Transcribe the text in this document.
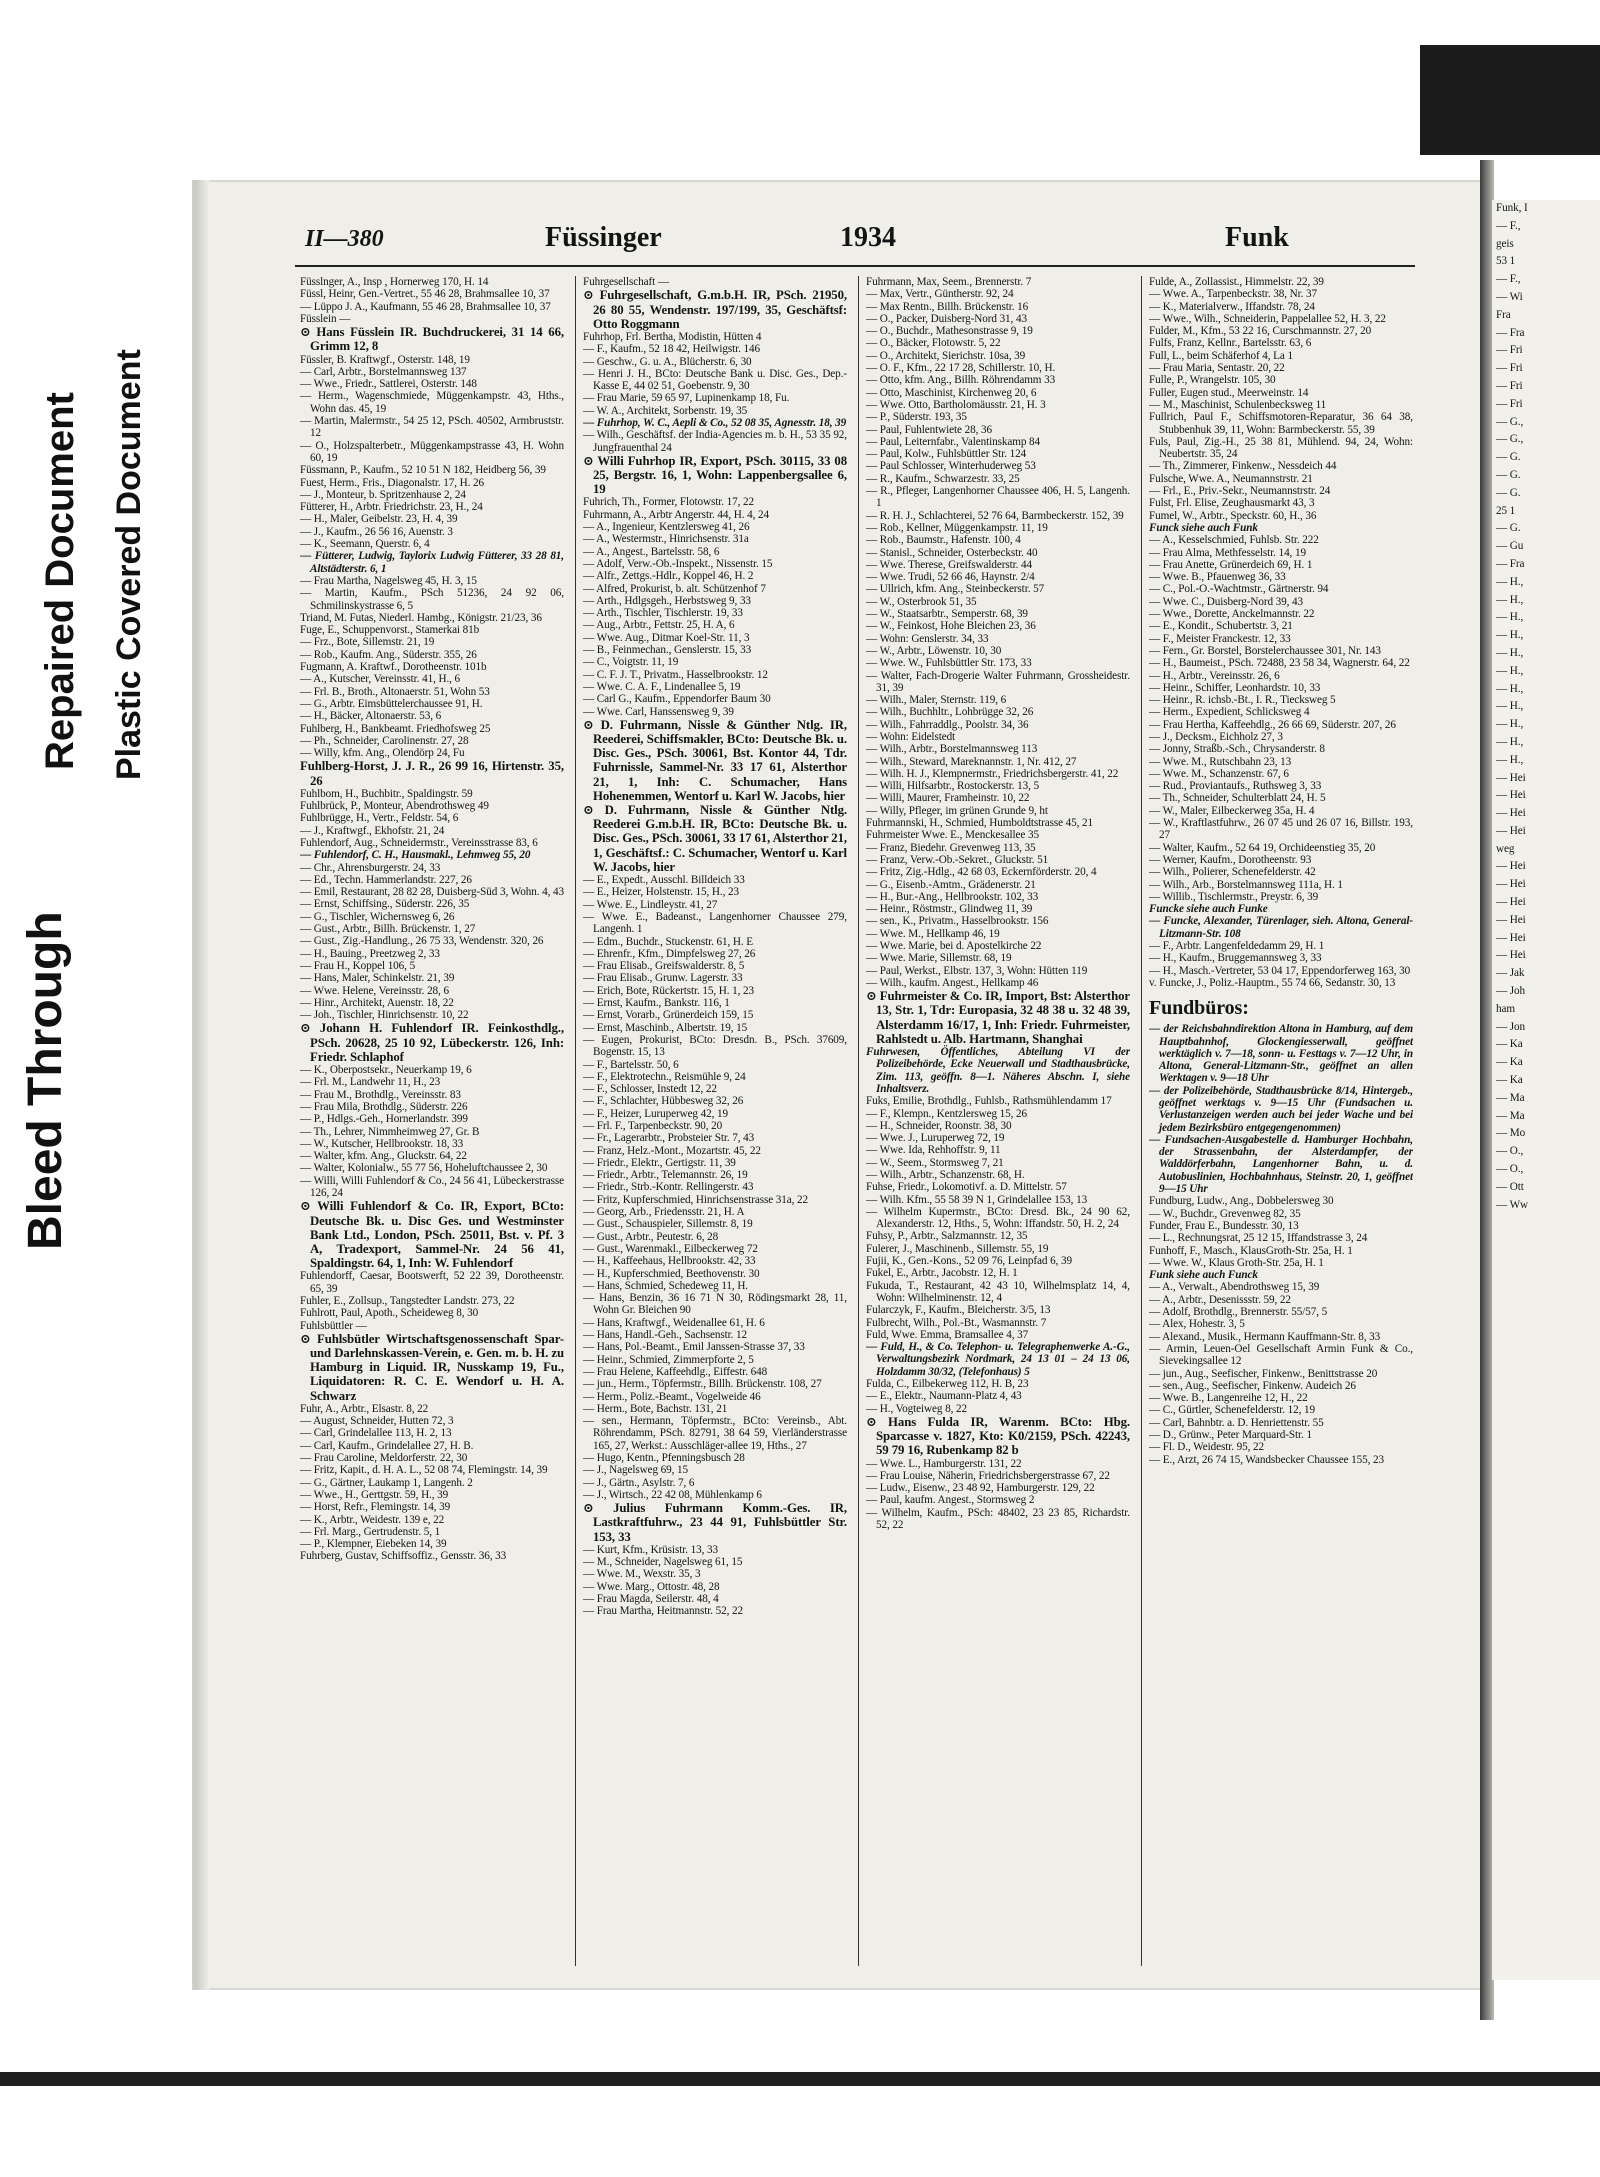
Bleed Through
Repaired Document Plastic Covered Document
II—380	Füssinger	1934	Funk

Füsslnger, A., Insp , Hornerweg 170, H. 14

Füssl, Heinr, Gen.-Vertret., 55 46 28, Brahmsallee 10, 37

— Lüppo J. A., Kaufmann, 55 46 28, Brahmsallee 10, 37

Füsslein —

⊙ Hans Füsslein IR. Buchdruckerei, 31 14 66, Grimm 12, 8

Füssler, B. Kraftwgf., Osterstr. 148, 19

— Carl, Arbtr., Borstelmannsweg 137

— Wwe., Friedr., Sattlerei, Osterstr. 148

— Herm., Wagenschmiede, Müggenkampstr. 43, Hths., Wohn das. 45, 19

— Martin, Malermstr., 54 25 12, PSch. 40502, Armbruststr. 12

— O., Holzspalterbetr., Müggenkampstrasse 43, H. Wohn 60, 19

Füssmann, P., Kaufm., 52 10 51 N 182, Heidberg 56, 39

Fuest, Herm., Fris., Diagonalstr. 17, H. 26

— J., Monteur, b. Spritzenhause 2, 24

Fütterer, H., Arbtr. Friedrichstr. 23, H., 24

— H., Maler, Geibelstr. 23, H. 4, 39

— J., Kaufm., 26 56 16, Auenstr. 3

— K., Seemann, Querstr. 6, 4

— Fütterer, Ludwig, Taylorix Ludwig Fütterer, 33 28 81, Altstädterstr. 6, 1

— Frau Martha, Nagelsweg 45, H. 3, 15

— Martin, Kaufm., PSch 51236, 24 92 06, Schmilinskystrasse 6, 5

Triand, M. Futas, Niederl. Hambg., Königstr. 21/23, 36

Fuge, E., Schuppenvorst., Stamerkai 81b

— Frz., Bote, Sillemstr. 21, 19

— Rob., Kaufm. Ang., Süderstr. 355, 26

Fugmann, A. Kraftwf., Dorotheenstr. 101b

— A., Kutscher, Vereinsstr. 41, H., 6

— Frl. B., Broth., Altonaerstr. 51, Wohn 53

— G., Arbtr. Eimsbüttelerchaussee 91, H.

— H., Bäcker, Altonaerstr. 53, 6

Fuhlberg, H., Bankbeamt. Friedhofsweg 25

— Ph., Schneider, Carolinenstr. 27, 28

— Willy, kfm. Ang., Olendörp 24, Fu

Fuhlberg-Horst, J. J. R., 26 99 16, Hirtenstr. 35, 26

Fuhlbom, H., Buchbitr., Spaldingstr. 59

Fuhlbrück, P., Monteur, Abendrothsweg 49

Fuhlbrügge, H., Vertr., Feldstr. 54, 6

— J., Kraftwgf., Ekhofstr. 21, 24

Fuhlendorf, Aug., Schneidermstr., Vereinsstrasse 83, 6

— Fuhlendorf, C. H., Hausmakl., Lehmweg 55, 20

— Chr., Ahrensburgerstr. 24, 33

— Ed., Techn. Hammerlandstr. 227, 26

— Emil, Restaurant, 28 82 28, Duisberg-Süd 3, Wohn. 4, 43

— Ernst, Schiffsing., Süderstr. 226, 35

— G., Tischler, Wichernsweg 6, 26

— Gust., Arbtr., Billh. Brückenstr. 1, 27

— Gust., Zig.-Handlung., 26 75 33, Wendenstr. 320, 26

— H., Bauing., Preetzweg 2, 33

— Frau H., Koppel 106, 5

— Hans, Maler, Schinkelstr. 21, 39

— Wwe. Helene, Vereinsstr. 28, 6

— Hinr., Architekt, Auenstr. 18, 22

— Joh., Tischler, Hinrichsenstr. 10, 22

⊙ Johann H. Fuhlendorf IR. Feinkosthdlg., PSch. 20628, 25 10 92, Lübeckerstr. 126, Inh: Friedr. Schlaphof

— K., Oberpostsekr., Neuerkamp 19, 6

— Frl. M., Landwehr 11, H., 23

— Frau M., Brothdlg., Vereinsstr. 83

— Frau Mila, Brothdlg., Süderstr. 226

— P., Hdlgs.-Geh., Hornerlandstr. 399

— Th., Lehrer, Nimmheimweg 27, Gr. B

— W., Kutscher, Hellbrookstr. 18, 33

— Walter, kfm. Ang., Gluckstr. 64, 22

— Walter, Kolonialw., 55 77 56, Hoheluftchaussee 2, 30

— Willi, Willi Fuhlendorf & Co., 24 56 41, Lübeckerstrasse 126, 24

⊙ Willi Fuhlendorf & Co. IR, Export, BCto: Deutsche Bk. u. Disc Ges. und Westminster Bank Ltd., London, PSch. 25011, Bst. v. Pf. 3 A, Tradexport, Sammel-Nr. 24 56 41, Spaldingstr. 64, 1, Inh: W. Fuhlendorf

Fuhlendorff, Caesar, Bootswerft, 52 22 39, Dorotheenstr. 65, 39

Fuhler, E., Zollsup., Tangstedter Landstr. 273, 22

Fuhlrott, Paul, Apoth., Scheideweg 8, 30

Fuhlsbüttler —

⊙ Fuhlsbütler Wirtschaftsgenossenschaft Spar- und Darlehnskassen-Verein, e. Gen. m. b. H. zu Hamburg in Liquid. IR, Nusskamp 19, Fu., Liquidatoren: R. C. E. Wendorf u. H. A. Schwarz

Fuhr, A., Arbtr., Elsastr. 8, 22

— August, Schneider, Hutten 72, 3

— Carl, Grindelallee 113, H. 2, 13

— Carl, Kaufm., Grindelallee 27, H. B.

— Frau Caroline, Meldorferstr. 22, 30

— Fritz, Kapit., d. H. A. L., 52 08 74, Flemingstr. 14, 39

— G., Gärtner, Laukamp 1, Langenh. 2

— Wwe., H., Gerttgstr. 59, H., 39

— Horst, Refr., Flemingstr. 14, 39

— K., Arbtr., Weidestr. 139 e, 22

— Frl. Marg., Gertrudenstr. 5, 1

— P., Klempner, Eiebeken 14, 39

Fuhrberg, Gustav, Schiffsoffiz., Gensstr. 36, 33

Fuhrgesellschaft —

⊙ Fuhrgesellschaft, G.m.b.H. IR, PSch. 21950, 26 80 55, Wendenstr. 197/199, 35, Geschäftsf: Otto Roggmann

Fuhrhop, Frl. Bertha, Modistin, Hütten 4

— F., Kaufm., 52 18 42, Heilwigstr. 146

— Geschw., G. u. A., Blücherstr. 6, 30

— Henri J. H., BCto: Deutsche Bank u. Disc. Ges., Dep.-Kasse E, 44 02 51, Goebenstr. 9, 30

— Frau Marie, 59 65 97, Lupinenkamp 18, Fu.

— W. A., Architekt, Sorbenstr. 19, 35

— Fuhrhop, W. C., Aepli & Co., 52 08 35, Agnesstr. 18, 39

— Wilh., Geschäftsf. der India-Agencies m. b. H., 53 35 92, Jungfrauenthal 24

⊙ Willi Fuhrhop IR, Export, PSch. 30115, 33 08 25, Bergstr. 16, 1, Wohn: Lappenbergsallee 6, 19

Fuhrich, Th., Former, Flotowstr. 17, 22

Fuhrmann, A., Arbtr Angerstr. 44, H. 4, 24

— A., Ingenieur, Kentzlersweg 41, 26

— A., Westermstr., Hinrichsenstr. 31a

— A., Angest., Bartelsstr. 58, 6

— Adolf, Verw.-Ob.-Inspekt., Nissenstr. 15

— Alfr., Zettgs.-Hdlr., Koppel 46, H. 2

— Alfred, Prokurist, b. alt. Schützenhof 7

— Arth., Hdlgsgeh., Herbstsweg 9, 33

— Arth., Tischler, Tischlerstr. 19, 33

— Aug., Arbtr., Fettstr. 25, H. A, 6

— Wwe. Aug., Ditmar Koel-Str. 11, 3

— B., Feinmechan., Genslerstr. 15, 33

— C., Voigtstr. 11, 19

— C. F. J. T., Privatm., Hasselbrookstr. 12

— Wwe. C. A. F., Lindenallee 5, 19

— Carl G., Kaufm., Eppendorfer Baum 30

— Wwe. Carl, Hanssensweg 9, 39

⊙ D. Fuhrmann, Nissle & Günther Ntlg. IR, Reederei, Schiffsmakler, BCto: Deutsche Bk. u. Disc. Ges., PSch. 30061, Bst. Kontor 44, Tdr. Fuhrnissle, Sammel-Nr. 33 17 61, Alsterthor 21, 1, Inh: C. Schumacher, Hans Hohenemmen, Wentorf u. Karl W. Jacobs, hier

⊙ D. Fuhrmann, Nissle & Günther Ntlg. Reederei G.m.b.H. IR, BCto: Deutsche Bk. u. Disc. Ges., PSch. 30061, 33 17 61, Alsterthor 21, 1, Geschäftsf.: C. Schumacher, Wentorf u. Karl W. Jacobs, hier

— E., Expedt., Ausschl. Billdeich 33

— E., Heizer, Holstenstr. 15, H., 23

— Wwe. E., Lindleystr. 41, 27

— Wwe. E., Badeanst., Langenhorner Chaussee 279, Langenh. 1

— Edm., Buchdr., Stuckenstr. 61, H. E

— Ehrenfr., Kfm., Dimpfelsweg 27, 26

— Frau Elisab., Greifswalderstr. 8, 5

— Frau Elisab., Grunw. Lagerstr. 33

— Erich, Bote, Rückertstr. 15, H. 1, 23

— Ernst, Kaufm., Bankstr. 116, 1

— Ernst, Vorarb., Grünerdeich 159, 15

— Ernst, Maschinb., Albertstr. 19, 15

— Eugen, Prokurist, BCto: Dresdn. B., PSch. 37609, Bogenstr. 15, 13

— F., Bartelsstr. 50, 6

— F., Elektrotechn., Reismühle 9, 24

— F., Schlosser, Instedt 12, 22

— F., Schlachter, Hübbesweg 32, 26

— F., Heizer, Luruperweg 42, 19

— Frl. F., Tarpenbeckstr. 90, 20

— Fr., Lagerarbtr., Probsteier Str. 7, 43

— Franz, Helz.-Mont., Mozartstr. 45, 22

— Friedr., Elektr., Gertigstr. 11, 39

— Friedr., Arbtr., Telemannstr. 26, 19

— Friedr., Strb.-Kontr. Rellingerstr. 43

— Fritz, Kupferschmied, Hinrichsenstrasse 31a, 22

— Georg, Arb., Friedensstr. 21, H. A

— Gust., Schauspieler, Sillemstr. 8, 19

— Gust., Arbtr., Peutestr. 6, 28

— Gust., Warenmakl., Eilbeckerweg 72

— H., Kaffeehaus, Hellbrookstr. 42, 33

— H., Kupferschmied, Beethovenstr. 30

— Hans, Schmied, Schedeweg 11, H.

— Hans, Benzin, 36 16 71 N 30, Rödingsmarkt 28, 11, Wohn Gr. Bleichen 90

— Hans, Kraftwgf., Weidenallee 61, H. 6

— Hans, Handl.-Geh., Sachsenstr. 12

— Hans, Pol.-Beamt., Emil Janssen-Strasse 37, 33

— Heinr., Schmied, Zimmerpforte 2, 5

— Frau Helene, Kaffeehdlg., Eiffestr. 648

— jun., Herm., Töpfermstr., Billh. Brückenstr. 108, 27

— Herm., Poliz.-Beamt., Vogelweide 46

— Herm., Bote, Bachstr. 131, 21

— sen., Hermann, Töpfermstr., BCto: Vereinsb., Abt. Röhrendamm, PSch. 82791, 38 64 59, Vierländerstrasse 165, 27, Werkst.: Ausschläger-allee 19, Hths., 27

— Hugo, Kentn., Pfenningsbusch 28

— J., Nagelsweg 69, 15

— J., Gärtn., Asylstr. 7, 6

— J., Wirtsch., 22 42 08, Mühlenkamp 6

⊙ Julius Fuhrmann Komm.-Ges. IR, Lastkraftfuhrw., 23 44 91, Fuhlsbüttler Str. 153, 33

— Kurt, Kfm., Krüsistr. 13, 33

— M., Schneider, Nagelsweg 61, 15

— Wwe. M., Wexstr. 35, 3

— Wwe. Marg., Ottostr. 48, 28

— Frau Magda, Seilerstr. 48, 4

— Frau Martha, Heitmannstr. 52, 22

Fuhrmann, Max, Seem., Brennerstr. 7

— Max, Vertr., Güntherstr. 92, 24

— Max Rentn., Billh. Brückenstr. 16

— O., Packer, Duisberg-Nord 31, 43

— O., Buchdr., Mathesonstrasse 9, 19

— O., Bäcker, Flotowstr. 5, 22

— O., Architekt, Sierichstr. 10sa, 39

— O. F., Kfm., 22 17 28, Schillerstr. 10, H.

— Otto, kfm. Ang., Billh. Röhrendamm 33

— Otto, Maschinist, Kirchenweg 20, 6

— Wwe. Otto, Bartholomäusstr. 21, H. 3

— P., Süderstr. 193, 35

— Paul, Fuhlentwiete 28, 36

— Paul, Leiternfabr., Valentinskamp 84

— Paul, Kolw., Fuhlsbüttler Str. 124

— Paul Schlosser, Winterhuderweg 53

— R., Kaufm., Schwarzestr. 33, 25

— R., Pfleger, Langenhorner Chaussee 406, H. 5, Langenh. 1

— R. H. J., Schlachterei, 52 76 64, Barmbeckerstr. 152, 39

— Rob., Kellner, Müggenkampstr. 11, 19

— Rob., Baumstr., Hafenstr. 100, 4

— Stanisl., Schneider, Osterbeckstr. 40

— Wwe. Therese, Greifswalderstr. 44

— Wwe. Trudi, 52 66 46, Haynstr. 2/4

— Ullrich, kfm. Ang., Steinbeckerstr. 57

— W., Osterbrook 51, 35

— W., Staatsarbtr., Semperstr. 68, 39

— W., Feinkost, Hohe Bleichen 23, 36

— Wohn: Genslerstr. 34, 33

— W., Arbtr., Löwenstr. 10, 30

— Wwe. W., Fuhlsbüttler Str. 173, 33

— Walter, Fach-Drogerie Walter Fuhrmann, Grossheidestr. 31, 39

— Wilh., Maler, Sternstr. 119, 6

— Wilh., Buchhltr., Lohbrügge 32, 26

— Wilh., Fahrraddlg., Poolstr. 34, 36

— Wohn: Eidelstedt

— Wilh., Arbtr., Borstelmannsweg 113

— Wilh., Steward, Mareknannstr. 1, Nr. 412, 27

— Wilh. H. J., Klempnermstr., Friedrichsbergerstr. 41, 22

— Willi, Hilfsarbtr., Rostockerstr. 13, 5

— Willi, Maurer, Framheinstr. 10, 22

— Willy, Pfleger, im grünen Grunde 9, ht

Fuhrmannski, H., Schmied, Humboldtstrasse 45, 21

Fuhrmeister Wwe. E., Menckesallee 35

— Franz, Biedehr. Grevenweg 113, 35

— Franz, Verw.-Ob.-Sekret., Gluckstr. 51

— Fritz, Zig.-Hdlg., 42 68 03, Eckernförderstr. 20, 4

— G., Eisenb.-Amtm., Grädenerstr. 21

— H., Bur.-Ang., Hellbrookstr. 102, 33

— Heinr., Röstmstr., Glindweg 11, 39

— sen., K., Privatm., Hasselbrookstr. 156

— Wwe. M., Hellkamp 46, 19

— Wwe. Marie, bei d. Apostelkirche 22

— Wwe. Marie, Sillemstr. 68, 19

— Paul, Werkst., Elbstr. 137, 3, Wohn: Hütten 119

— Wilh., kaufm. Angest., Hellkamp 46

⊙ Fuhrmeister & Co. IR, Import, Bst: Alsterthor 13, Str. 1, Tdr: Europasia, 32 48 38 u. 32 48 39, Alsterdamm 16/17, 1, Inh: Friedr. Fuhrmeister, Rahlstedt u. Alb. Hartmann, Shanghai

Fuhrwesen, Öffentliches, Abteilung VI der Polizeibehörde, Ecke Neuerwall und Stadthausbrücke, Zim. 113, geöffn. 8—1. Näheres Abschn. I, siehe Inhaltsverz.

Fuks, Emilie, Brothdlg., Fuhlsb., Rathsmühlendamm 17

— F., Klempn., Kentzlersweg 15, 26

— H., Schneider, Roonstr. 38, 30

— Wwe. J., Luruperweg 72, 19

— Wwe. Ida, Rehhoffstr. 9, 11

— W., Seem., Stormsweg 7, 21

— Wilh., Arbtr., Schanzenstr. 68, H.

Fuhse, Friedr., Lokomotivf. a. D. Mittelstr. 57

— Wilh. Kfm., 55 58 39 N 1, Grindelallee 153, 13

— Wilhelm Kupermstr., BCto: Dresd. Bk., 24 90 62, Alexanderstr. 12, Hths., 5, Wohn: Iffandstr. 50, H. 2, 24

Fuhsy, P., Arbtr., Salzmannstr. 12, 35

Fulerer, J., Maschinenb., Sillemstr. 55, 19

Fujii, K., Gen.-Kons., 52 09 76, Leinpfad 6, 39

Fukel, E., Arbtr., Jacobstr. 12, H. 1

Fukuda, T., Restaurant, 42 43 10, Wilhelmsplatz 14, 4, Wohn: Wilhelminenstr. 12, 4

Fularczyk, F., Kaufm., Bleicherstr. 3/5, 13

Fulbrecht, Wilh., Pol.-Bt., Wasmannstr. 7

Fuld, Wwe. Emma, Bramsallee 4, 37

— Fuld, H., & Co. Telephon- u. Telegraphenwerke A.-G., Verwaltungsbezirk Nordmark, 24 13 01 – 24 13 06, Holzdamm 30/32, (Telefonhaus) 5

Fulda, C., Eilbekerweg 112, H. B, 23

— E., Elektr., Naumann-Platz 4, 43

— H., Vogteiweg 8, 22

⊙ Hans Fulda IR, Warenm. BCto: Hbg. Sparcasse v. 1827, Kto: K0/2159, PSch. 42243, 59 79 16, Rubenkamp 82 b

— Wwe. L., Hamburgerstr. 131, 22

— Frau Louise, Näherin, Friedrichsbergerstrasse 67, 22

— Ludw., Eisenw., 23 48 92, Hamburgerstr. 129, 22

— Paul, kaufm. Angest., Stormsweg 2

— Wilhelm, Kaufm., PSch: 48402, 23 23 85, Richardstr. 52, 22

Fulde, A., Zollassist., Himmelstr. 22, 39

— Wwe. A., Tarpenbeckstr. 38, Nr. 37

— K., Materialverw., Iffandstr. 78, 24

— Wwe., Wilh., Schneiderin, Pappelallee 52, H. 3, 22

Fulder, M., Kfm., 53 22 16, Curschmannstr. 27, 20

Fulfs, Franz, Kellnr., Bartelsstr. 63, 6

Full, L., beim Schäferhof 4, La 1

— Frau Maria, Sentastr. 20, 22

Fulle, P., Wrangelstr. 105, 30

Fuller, Eugen stud., Meerweinstr. 14

— M., Maschinist, Schulenbecksweg 11

Fullrich, Paul F., Schiffsmotoren-Reparatur, 36 64 38, Stubbenhuk 39, 11, Wohn: Barmbeckerstr. 55, 39

Fuls, Paul, Zig.-H., 25 38 81, Mühlend. 94, 24, Wohn: Neubertstr. 35, 24

— Th., Zimmerer, Finkenw., Nessdeich 44

Fulsche, Wwe. A., Neumannstrstr. 21

— Frl., E., Priv.-Sekr., Neumannstrstr. 24

Fulst, Frl. Elise, Zeughausmarkt 43, 3

Fumel, W., Arbtr., Speckstr. 60, H., 36

Funck siehe auch Funk

— A., Kesselschmied, Fuhlsb. Str. 222

— Frau Alma, Methfesselstr. 14, 19

— Frau Anette, Grünerdeich 69, H. 1

— Wwe. B., Pfauenweg 36, 33

— C., Pol.-O.-Wachtmstr., Gärtnerstr. 94

— Wwe. C., Duisberg-Nord 39, 43

— Wwe., Dorette, Anckelmannstr. 22

— E., Kondit., Schubertstr. 3, 21

— F., Meister Franckestr. 12, 33

— Fern., Gr. Borstel, Borstelerchaussee 301, Nr. 143

— H., Baumeist., PSch. 72488, 23 58 34, Wagnerstr. 64, 22

— H., Arbtr., Vereinsstr. 26, 6

— Heinr., Schiffer, Leonhardstr. 10, 33

— Heinr., R. ichsb.-Bt., I. R., Tiecksweg 5

— Herm., Expedient, Schlicksweg 4

— Frau Hertha, Kaffeehdlg., 26 66 69, Süderstr. 207, 26

— J., Decksm., Eichholz 27, 3

— Jonny, Straßb.-Sch., Chrysanderstr. 8

— Wwe. M., Rutschbahn 23, 13

— Wwe. M., Schanzenstr. 67, 6

— Rud., Proviantaufs., Ruthsweg 3, 33

— Th., Schneider, Schulterblatt 24, H. 5

— W., Maler, Eilbeckerweg 35a, H. 4

— W., Kraftlastfuhrw., 26 07 45 und 26 07 16, Billstr. 193, 27

— Walter, Kaufm., 52 64 19, Orchideenstieg 35, 20

— Werner, Kaufm., Dorotheenstr. 93

— Wilh., Polierer, Schenefelderstr. 42

— Wilh., Arb., Borstelmannsweg 111a, H. 1

— Willib., Tischlermstr., Preystr. 6, 39

Funcke siehe auch Funke

— Funcke, Alexander, Türenlager, sieh. Altona, General-Litzmann-Str. 108

— F., Arbtr. Langenfeldedamm 29, H. 1

— H., Kaufm., Bruggemannsweg 3, 33

— H., Masch.-Vertreter, 53 04 17, Eppendorferweg 163, 30

v. Funcke, J., Poliz.-Hauptm., 55 74 66, Sedanstr. 30, 13

Fundbüros:

— der Reichsbahndirektion Altona in Hamburg, auf dem Hauptbahnhof, Glockengiesserwall, geöffnet werktäglich v. 7—18, sonn- u. Festtags v. 7—12 Uhr, in Altona, General-Litzmann-Str., geöffnet an allen Werktagen v. 9—18 Uhr

— der Polizeibehörde, Stadthausbrücke 8/14, Hintergeb., geöffnet werktags v. 9—15 Uhr (Fundsachen u. Verlustanzeigen werden auch bei jeder Wache und bei jedem Bezirksbüro entgegengenommen)

— Fundsachen-Ausgabestelle d. Hamburger Hochbahn, der Strassenbahn, der Alsterdampfer, der Walddörferbahn, Langenhorner Bahn, u. d. Autobuslinien, Hochbahnhaus, Steinstr. 20, 1, geöffnet 9—15 Uhr

Fundburg, Ludw., Ang., Dobbelersweg 30

— W., Buchdr., Grevenweg 82, 35

Funder, Frau E., Bundesstr. 30, 13

— L., Rechnungsrat, 25 12 15, Iffandstrasse 3, 24

Funhoff, F., Masch., KlausGroth-Str. 25a, H. 1

— Wwe. W., Klaus Groth-Str. 25a, H. 1

Funk siehe auch Funck

— A., Verwalt., Abendrothsweg 15, 39

— A., Arbtr., Desenissstr. 59, 22

— Adolf, Brothdlg., Brennerstr. 55/57, 5

— Alex, Hohestr. 3, 5

— Alexand., Musik., Hermann Kauffmann-Str. 8, 33

— Armin, Leuen-Oel Gesellschaft Armin Funk & Co., Sievekingsallee 12

— jun., Aug., Seefischer, Finkenw., Benittstrasse 20

— sen., Aug., Seefischer, Finkenw. Audeich 26

— Wwe. B., Langenreihe 12, H., 22

— C., Gürtler, Schenefelderstr. 12, 19

— Carl, Bahnbtr. a. D. Henriettenstr. 55

— D., Grünw., Peter Marquard-Str. 1

— Fl. D., Weidestr. 95, 22

— E., Arzt, 26 74 15, Wandsbecker Chaussee 155, 23

Funk, I

— F.,

geis

53 1

— F.,

— Wi

Fra

— Fra

— Fri

— Fri

— Fri

— Fri

— G.,

— G.,

— G.

— G.

— G.

25 1

— G.

— Gu

— Fra

— H.,

— H.,

— H.,

— H.,

— H.,

— H.,

— H.,

— H.,

— H.,

— H.,

— H.,

— Hei

— Hei

— Hei

— Hei

weg

— Hei

— Hei

— Hei

— Hei

— Hei

— Hei

— Jak

— Joh

ham

— Jon

— Ka

— Ka

— Ka

— Ma

— Ma

— Mo

— O.,

— O.,

— Ott

— Ww
